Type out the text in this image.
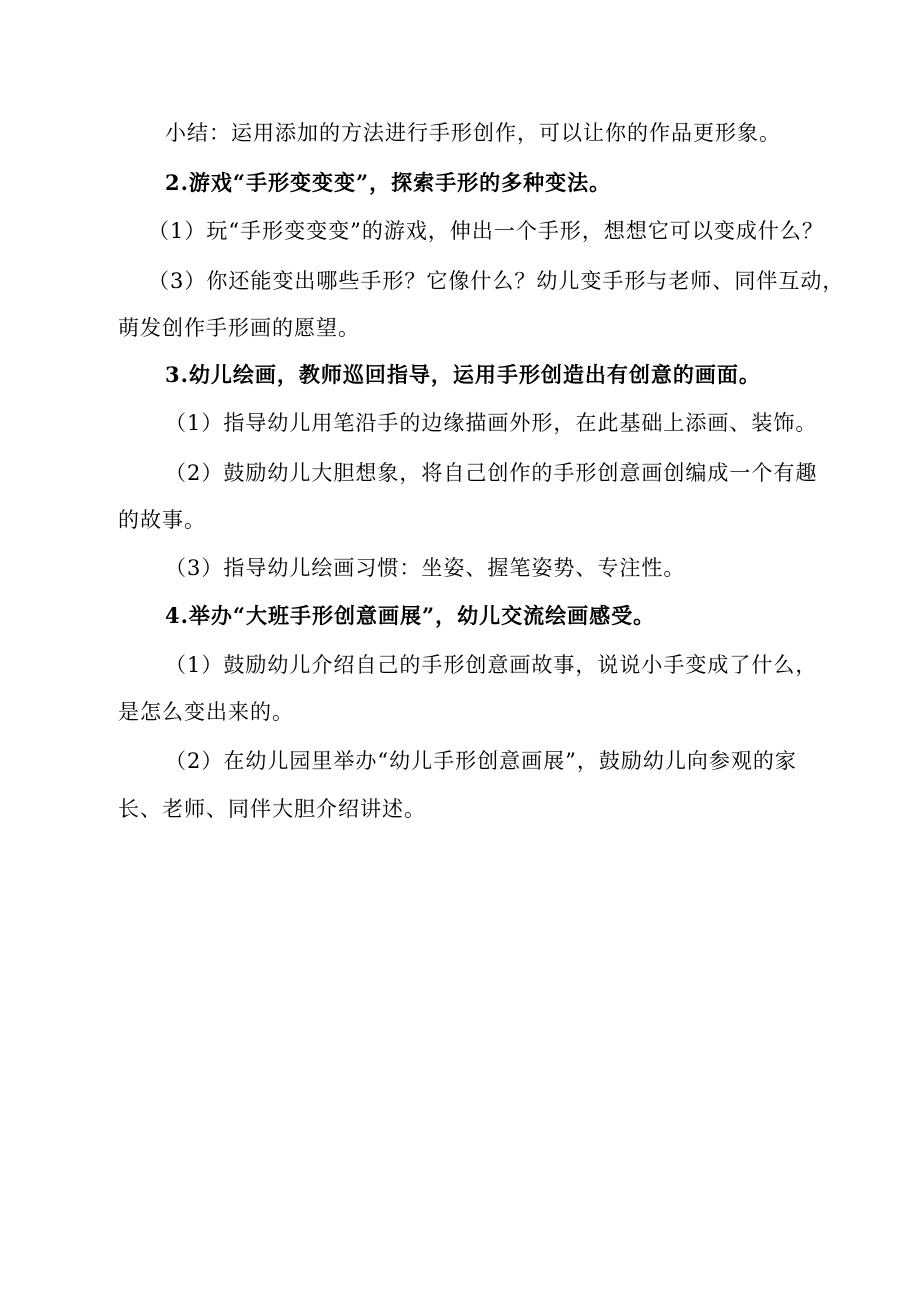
小结：运用添加的方法进行手形创作，可以让你的作品更形象。
2.游戏“手形变变变”，探索手形的多种变法。
（1）玩“手形变变变”的游戏，伸出一个手形，想想它可以变成什么？
（3）你还能变出哪些手形？它像什么？幼儿变手形与老师、同伴互动，
萌发创作手形画的愿望。
3.幼儿绘画，教师巡回指导，运用手形创造出有创意的画面。
（1）指导幼儿用笔沿手的边缘描画外形，在此基础上添画、装饰。
（2）鼓励幼儿大胆想象，将自己创作的手形创意画创编成一个有趣
的故事。
（3）指导幼儿绘画习惯：坐姿、握笔姿势、专注性。
4.举办“大班手形创意画展”，幼儿交流绘画感受。
（1）鼓励幼儿介绍自己的手形创意画故事，说说小手变成了什么，
是怎么变出来的。
（2）在幼儿园里举办“幼儿手形创意画展”，鼓励幼儿向参观的家
长、老师、同伴大胆介绍讲述。
